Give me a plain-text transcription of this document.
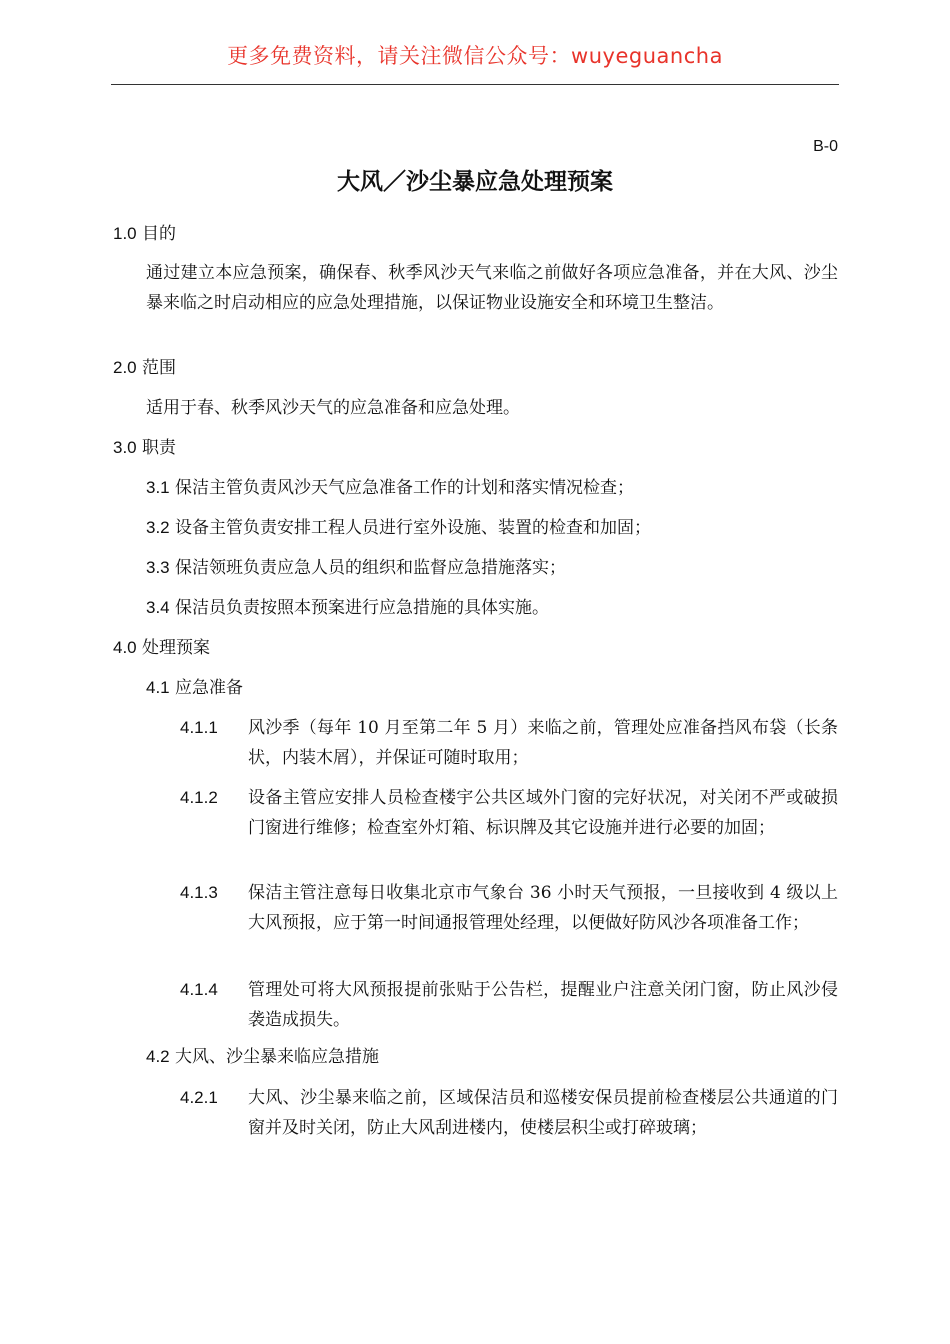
更多免费资料，请关注微信公众号：wuyeguancha
B-0
大风／沙尘暴应急处理预案
1.0 目的
通过建立本应急预案，确保春、秋季风沙天气来临之前做好各项应急准备，并在大风、沙尘暴来临之时启动相应的应急处理措施，以保证物业设施安全和环境卫生整洁。
2.0 范围
适用于春、秋季风沙天气的应急准备和应急处理。
3.0 职责
3.1 保洁主管负责风沙天气应急准备工作的计划和落实情况检查；
3.2 设备主管负责安排工程人员进行室外设施、装置的检查和加固；
3.3 保洁领班负责应急人员的组织和监督应急措施落实；
3.4 保洁员负责按照本预案进行应急措施的具体实施。
4.0 处理预案
4.1 应急准备
4.1.1 风沙季（每年 10 月至第二年 5 月）来临之前，管理处应准备挡风布袋（长条状，内装木屑），并保证可随时取用；
4.1.2 设备主管应安排人员检查楼宇公共区域外门窗的完好状况，对关闭不严或破损门窗进行维修；检查室外灯箱、标识牌及其它设施并进行必要的加固；
4.1.3 保洁主管注意每日收集北京市气象台 36 小时天气预报，一旦接收到 4 级以上大风预报，应于第一时间通报管理处经理，以便做好防风沙各项准备工作；
4.1.4 管理处可将大风预报提前张贴于公告栏，提醒业户注意关闭门窗，防止风沙侵袭造成损失。
4.2 大风、沙尘暴来临应急措施
4.2.1 大风、沙尘暴来临之前，区域保洁员和巡楼安保员提前检查楼层公共通道的门窗并及时关闭，防止大风刮进楼内，使楼层积尘或打碎玻璃；
